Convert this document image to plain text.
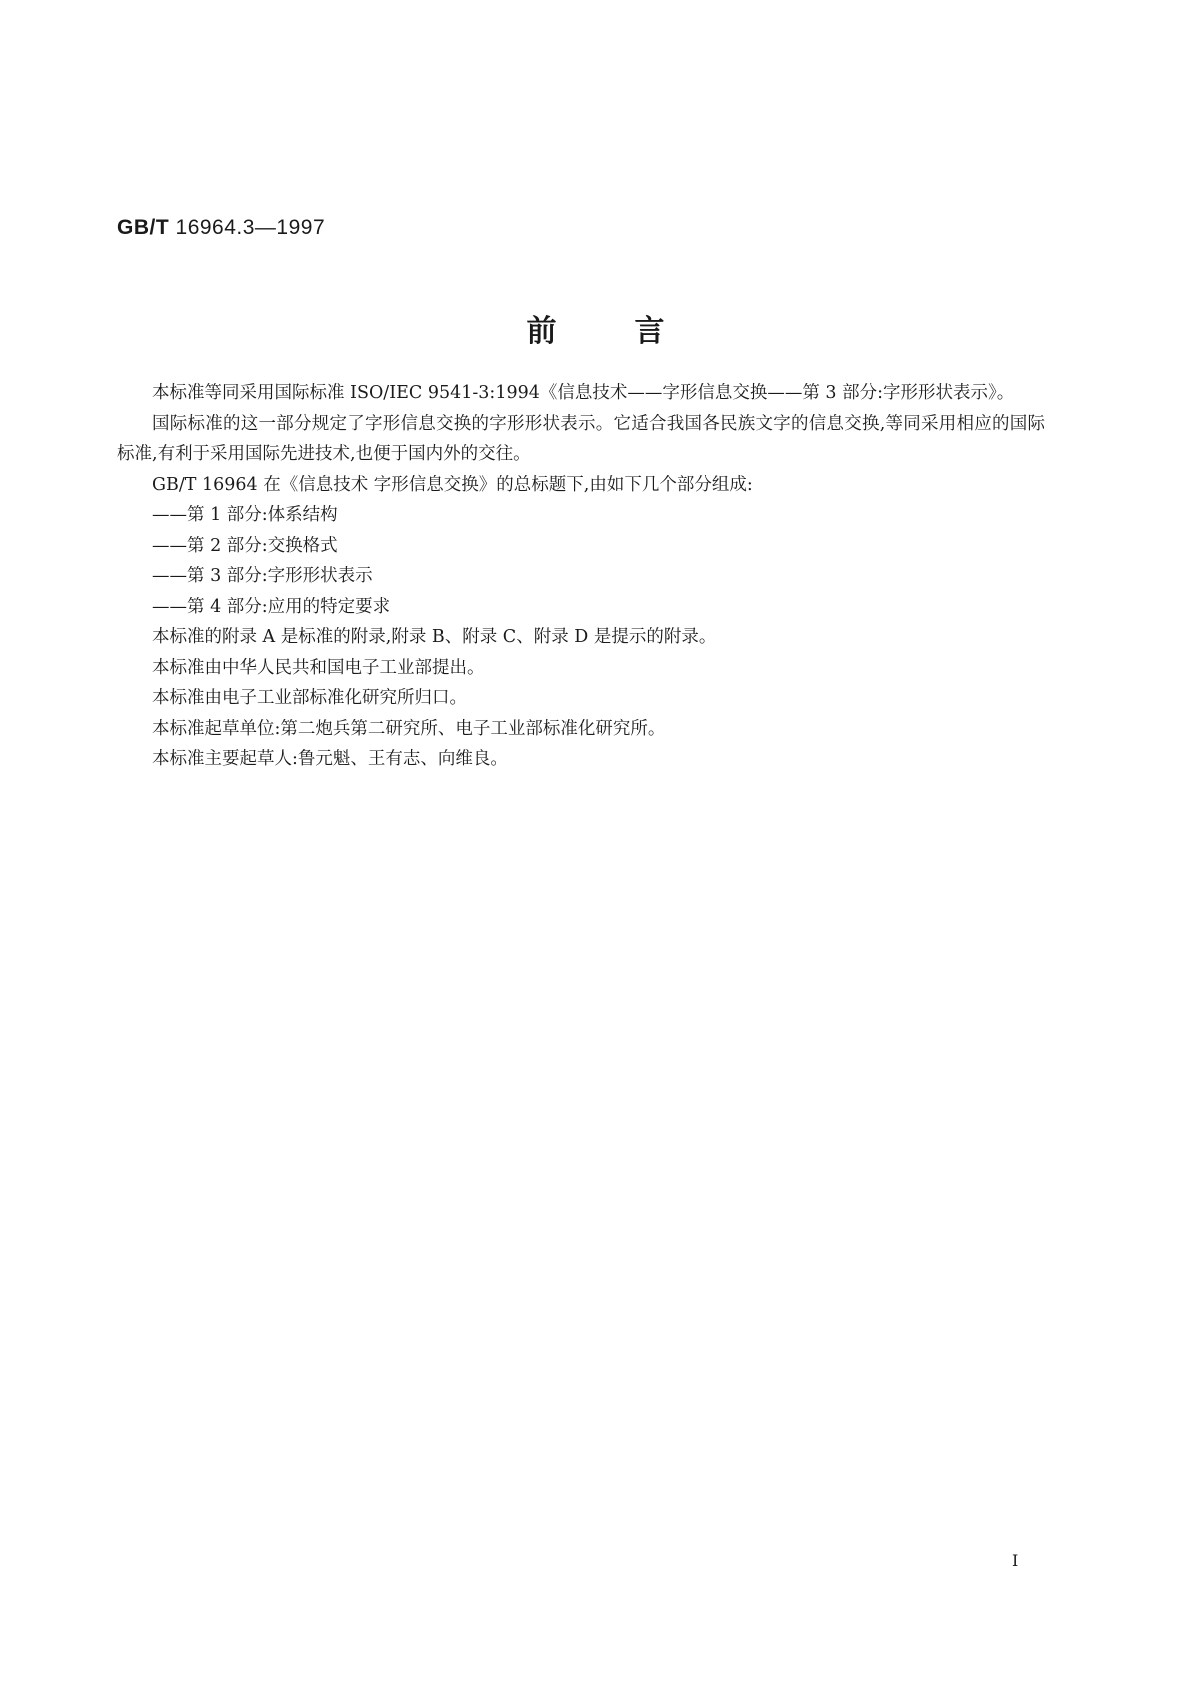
GB/T 16964.3—1997
前言

本标准等同采用国际标准 ISO/IEC 9541-3:1994《信息技术——字形信息交换——第 3 部分:字形形状表示》。

国际标准的这一部分规定了字形信息交换的字形形状表示。它适合我国各民族文字的信息交换,等同采用相应的国际标准,有利于采用国际先进技术,也便于国内外的交往。

GB/T 16964 在《信息技术 字形信息交换》的总标题下,由如下几个部分组成:

——第 1 部分:体系结构

——第 2 部分:交换格式

——第 3 部分:字形形状表示

——第 4 部分:应用的特定要求

本标准的附录 A 是标准的附录,附录 B、附录 C、附录 D 是提示的附录。

本标准由中华人民共和国电子工业部提出。

本标准由电子工业部标准化研究所归口。

本标准起草单位:第二炮兵第二研究所、电子工业部标准化研究所。

本标准主要起草人:鲁元魁、王有志、向维良。

I
